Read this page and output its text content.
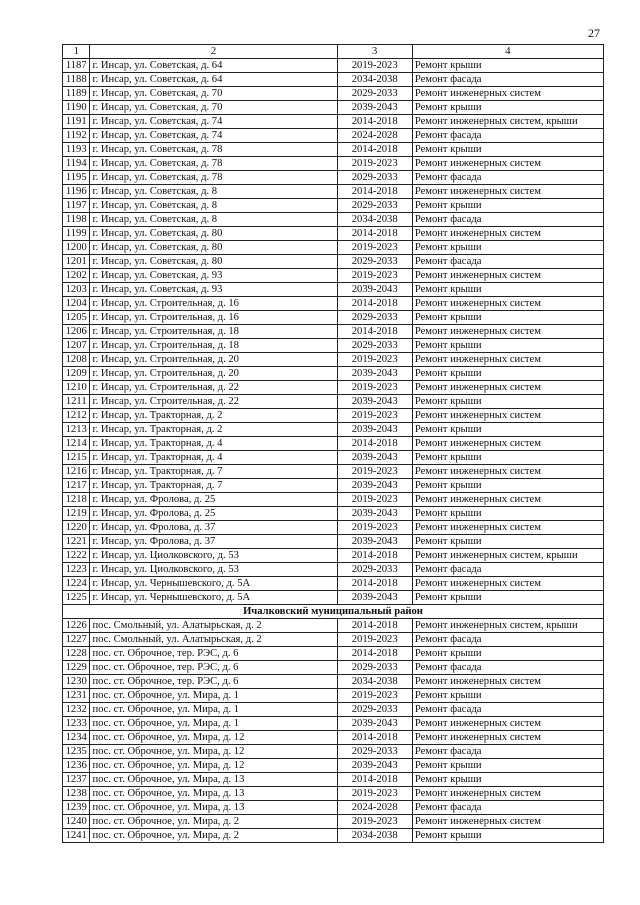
27
1	2	3	4
1187	г. Инсар, ул. Советская, д. 64	2019-2023	Ремонт крыши
1188	г. Инсар, ул. Советская, д. 64	2034-2038	Ремонт фасада
1189	г. Инсар, ул. Советская, д. 70	2029-2033	Ремонт инженерных систем
1190	г. Инсар, ул. Советская, д. 70	2039-2043	Ремонт крыши
1191	г. Инсар, ул. Советская, д. 74	2014-2018	Ремонт инженерных систем, крыши
1192	г. Инсар, ул. Советская, д. 74	2024-2028	Ремонт фасада
1193	г. Инсар, ул. Советская, д. 78	2014-2018	Ремонт крыши
1194	г. Инсар, ул. Советская, д. 78	2019-2023	Ремонт инженерных систем
1195	г. Инсар, ул. Советская, д. 78	2029-2033	Ремонт фасада
1196	г. Инсар, ул. Советская, д. 8	2014-2018	Ремонт инженерных систем
1197	г. Инсар, ул. Советская, д. 8	2029-2033	Ремонт крыши
1198	г. Инсар, ул. Советская, д. 8	2034-2038	Ремонт фасада
1199	г. Инсар, ул. Советская, д. 80	2014-2018	Ремонт инженерных систем
1200	г. Инсар, ул. Советская, д. 80	2019-2023	Ремонт крыши
1201	г. Инсар, ул. Советская, д. 80	2029-2033	Ремонт фасада
1202	г. Инсар, ул. Советская, д. 93	2019-2023	Ремонт инженерных систем
1203	г. Инсар, ул. Советская, д. 93	2039-2043	Ремонт крыши
1204	г. Инсар, ул. Строительная, д. 16	2014-2018	Ремонт инженерных систем
1205	г. Инсар, ул. Строительная, д. 16	2029-2033	Ремонт крыши
1206	г. Инсар, ул. Строительная, д. 18	2014-2018	Ремонт инженерных систем
1207	г. Инсар, ул. Строительная, д. 18	2029-2033	Ремонт крыши
1208	г. Инсар, ул. Строительная, д. 20	2019-2023	Ремонт инженерных систем
1209	г. Инсар, ул. Строительная, д. 20	2039-2043	Ремонт крыши
1210	г. Инсар, ул. Строительная, д. 22	2019-2023	Ремонт инженерных систем
1211	г. Инсар, ул. Строительная, д. 22	2039-2043	Ремонт крыши
1212	г. Инсар, ул. Тракторная, д. 2	2019-2023	Ремонт инженерных систем
1213	г. Инсар, ул. Тракторная, д. 2	2039-2043	Ремонт крыши
1214	г. Инсар, ул. Тракторная, д. 4	2014-2018	Ремонт инженерных систем
1215	г. Инсар, ул. Тракторная, д. 4	2039-2043	Ремонт крыши
1216	г. Инсар, ул. Тракторная, д. 7	2019-2023	Ремонт инженерных систем
1217	г. Инсар, ул. Тракторная, д. 7	2039-2043	Ремонт крыши
1218	г. Инсар, ул. Фролова, д. 25	2019-2023	Ремонт инженерных систем
1219	г. Инсар, ул. Фролова, д. 25	2039-2043	Ремонт крыши
1220	г. Инсар, ул. Фролова, д. 37	2019-2023	Ремонт инженерных систем
1221	г. Инсар, ул. Фролова, д. 37	2039-2043	Ремонт крыши
1222	г. Инсар, ул. Циолковского, д. 53	2014-2018	Ремонт инженерных систем, крыши
1223	г. Инсар, ул. Циолковского, д. 53	2029-2033	Ремонт фасада
1224	г. Инсар, ул. Чернышевского, д. 5А	2014-2018	Ремонт инженерных систем
1225	г. Инсар, ул. Чернышевского, д. 5А	2039-2043	Ремонт крыши
Ичалковский муниципальный район			
1226	пос. Смольный, ул. Алатырьская, д. 2	2014-2018	Ремонт инженерных систем, крыши
1227	пос. Смольный, ул. Алатырьская, д. 2	2019-2023	Ремонт фасада
1228	пос. ст. Оброчное, тер. РЭС, д. 6	2014-2018	Ремонт крыши
1229	пос. ст. Оброчное, тер. РЭС, д. 6	2029-2033	Ремонт фасада
1230	пос. ст. Оброчное, тер. РЭС, д. 6	2034-2038	Ремонт инженерных систем
1231	пос. ст. Оброчное, ул. Мира, д. 1	2019-2023	Ремонт крыши
1232	пос. ст. Оброчное, ул. Мира, д. 1	2029-2033	Ремонт фасада
1233	пос. ст. Оброчное, ул. Мира, д. 1	2039-2043	Ремонт инженерных систем
1234	пос. ст. Оброчное, ул. Мира, д. 12	2014-2018	Ремонт инженерных систем
1235	пос. ст. Оброчное, ул. Мира, д. 12	2029-2033	Ремонт фасада
1236	пос. ст. Оброчное, ул. Мира, д. 12	2039-2043	Ремонт крыши
1237	пос. ст. Оброчное, ул. Мира, д. 13	2014-2018	Ремонт крыши
1238	пос. ст. Оброчное, ул. Мира, д. 13	2019-2023	Ремонт инженерных систем
1239	пос. ст. Оброчное, ул. Мира, д. 13	2024-2028	Ремонт фасада
1240	пос. ст. Оброчное, ул. Мира, д. 2	2019-2023	Ремонт инженерных систем
1241	пос. ст. Оброчное, ул. Мира, д. 2	2034-2038	Ремонт крыши
